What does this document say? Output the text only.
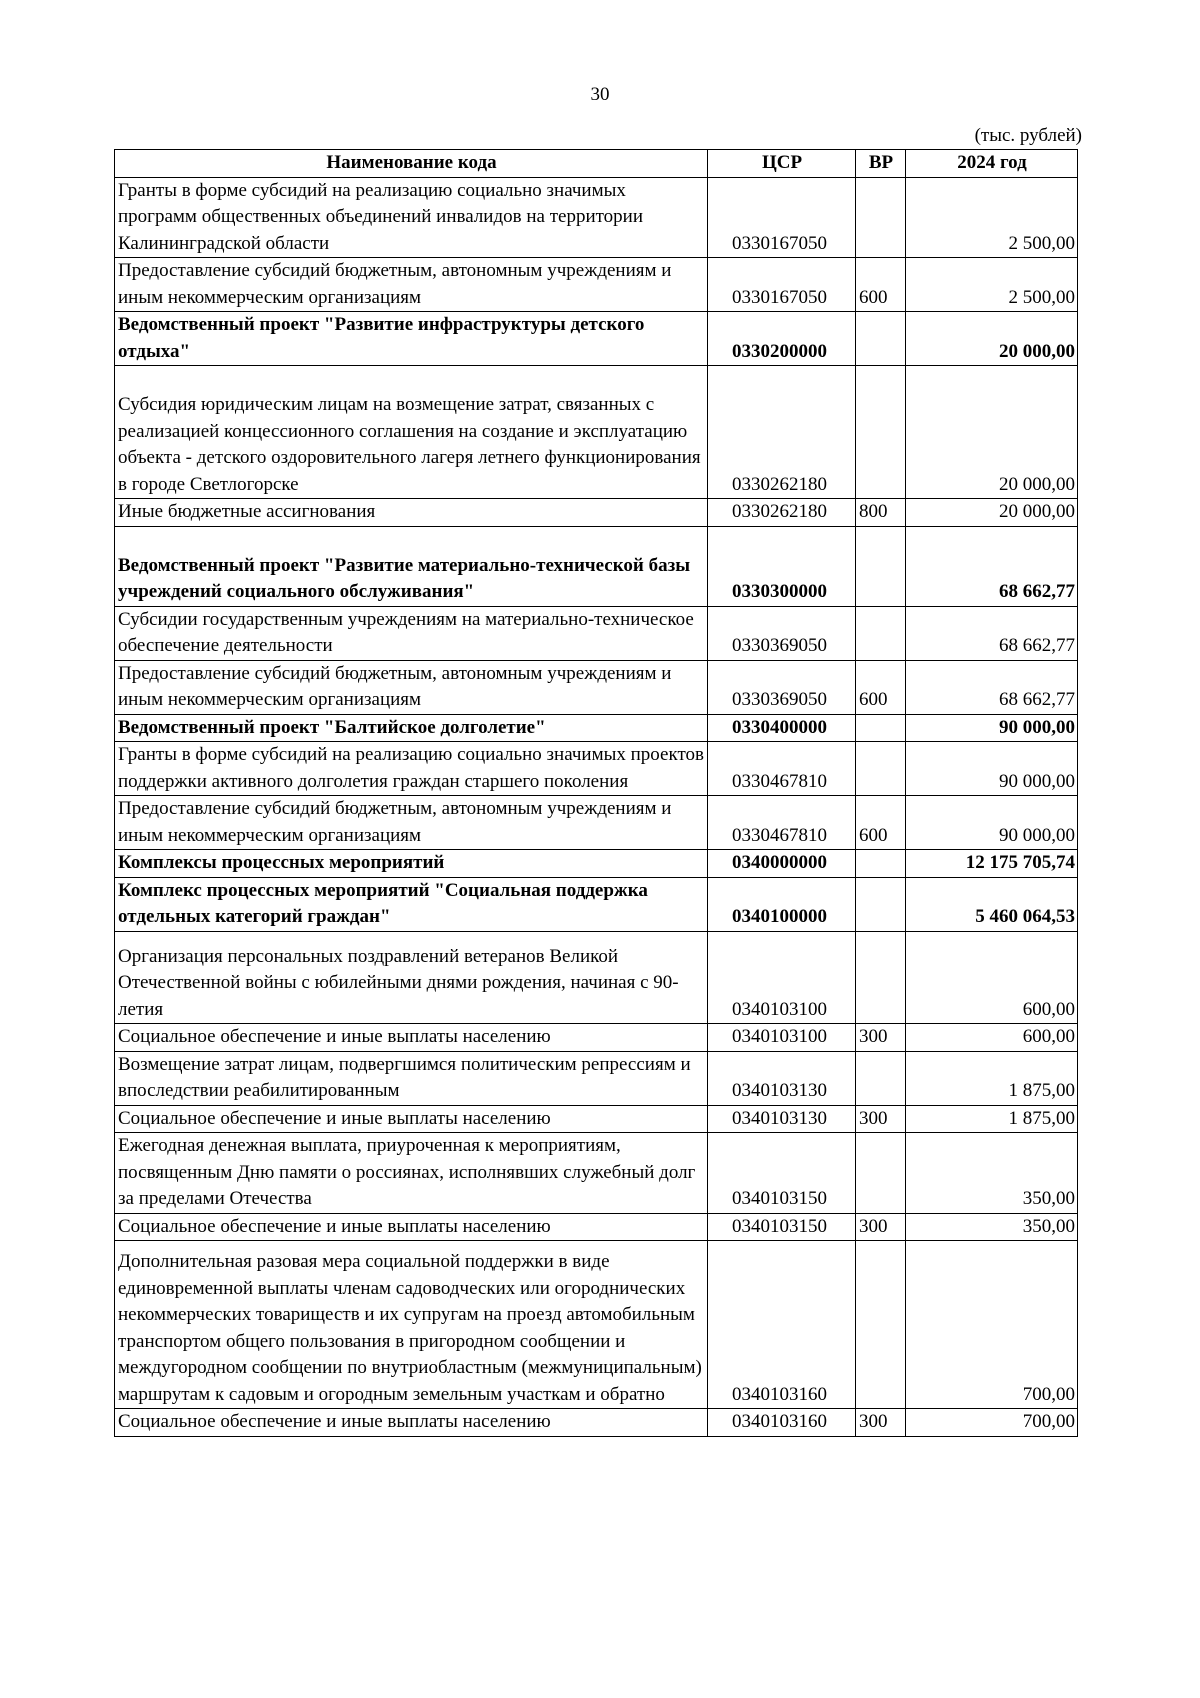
30
(тыс. рублей)
Наименование кода	ЦСР	ВР	2024 год
Гранты в форме субсидий на реализацию социально значимых программ общественных объединений инвалидов на территории Калининградской области	0330167050		2 500,00
Предоставление субсидий бюджетным, автономным учреждениям и иным некоммерческим организациям	0330167050	600	2 500,00
Ведомственный проект "Развитие инфраструктуры детского отдыха"	0330200000		20 000,00
Субсидия юридическим лицам на возмещение затрат, связанных с реализацией концессионного соглашения на создание и эксплуатацию объекта - детского оздоровительного лагеря летнего функционирования в городе Светлогорске	0330262180		20 000,00
Иные бюджетные ассигнования	0330262180	800	20 000,00
Ведомственный проект "Развитие материально-технической базы учреждений социального обслуживания"	0330300000		68 662,77
Субсидии государственным учреждениям на материально-техническое обеспечение деятельности	0330369050		68 662,77
Предоставление субсидий бюджетным, автономным учреждениям и иным некоммерческим организациям	0330369050	600	68 662,77
Ведомственный проект "Балтийское долголетие"	0330400000		90 000,00
Гранты в форме субсидий на реализацию социально значимых проектов поддержки активного долголетия граждан старшего поколения	0330467810		90 000,00
Предоставление субсидий бюджетным, автономным учреждениям и иным некоммерческим организациям	0330467810	600	90 000,00
Комплексы процессных мероприятий	0340000000		12 175 705,74
Комплекс процессных мероприятий "Социальная поддержка отдельных категорий граждан"	0340100000		5 460 064,53
Организация персональных поздравлений ветеранов Великой Отечественной войны с юбилейными днями рождения, начиная с 90-летия	0340103100		600,00
Социальное обеспечение и иные выплаты населению	0340103100	300	600,00
Возмещение затрат лицам, подвергшимся политическим репрессиям и впоследствии реабилитированным	0340103130		1 875,00
Социальное обеспечение и иные выплаты населению	0340103130	300	1 875,00
Ежегодная денежная выплата, приуроченная к мероприятиям, посвященным Дню памяти о россиянах, исполнявших служебный долг за пределами Отечества	0340103150		350,00
Социальное обеспечение и иные выплаты населению	0340103150	300	350,00
Дополнительная разовая мера социальной поддержки в виде единовременной выплаты членам садоводческих или огороднических некоммерческих товариществ и их супругам на проезд автомобильным транспортом общего пользования в пригородном сообщении и междугородном сообщении по внутриобластным (межмуниципальным) маршрутам к садовым и огородным земельным участкам и обратно	0340103160		700,00
Социальное обеспечение и иные выплаты населению	0340103160	300	700,00
